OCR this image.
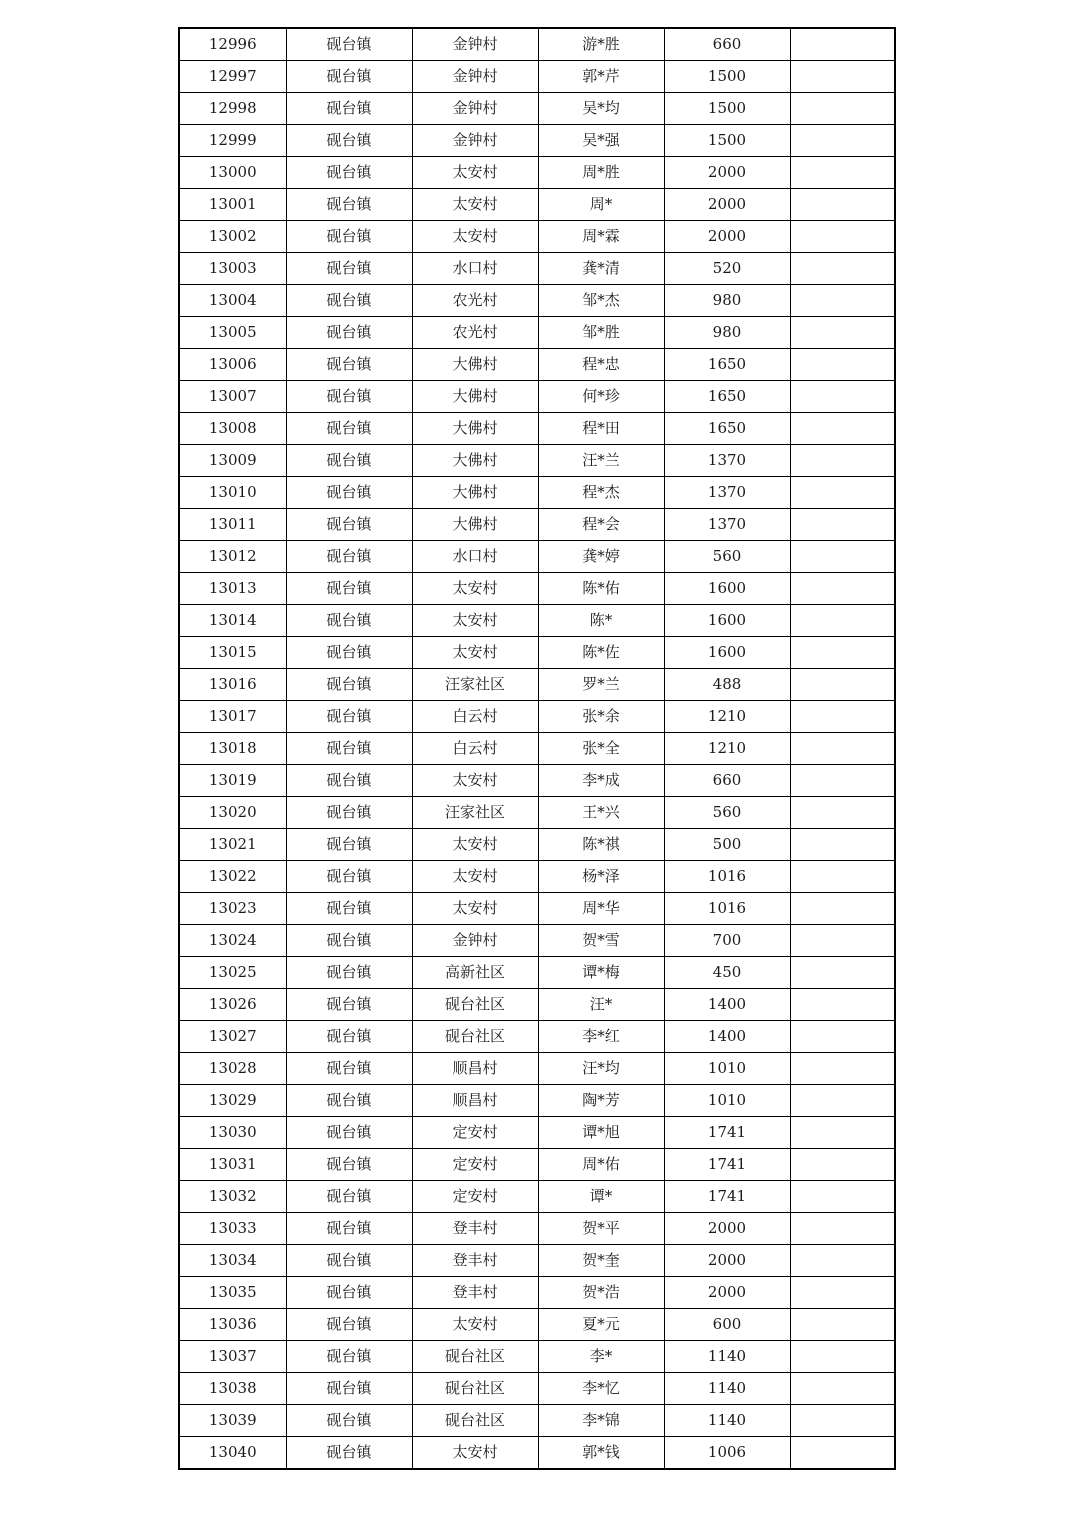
12996	砚台镇	金钟村	游*胜	660	
12997	砚台镇	金钟村	郭*芹	1500	
12998	砚台镇	金钟村	吴*均	1500	
12999	砚台镇	金钟村	吴*强	1500	
13000	砚台镇	太安村	周*胜	2000	
13001	砚台镇	太安村	周*	2000	
13002	砚台镇	太安村	周*霖	2000	
13003	砚台镇	水口村	龚*清	520	
13004	砚台镇	农光村	邹*杰	980	
13005	砚台镇	农光村	邹*胜	980	
13006	砚台镇	大佛村	程*忠	1650	
13007	砚台镇	大佛村	何*珍	1650	
13008	砚台镇	大佛村	程*田	1650	
13009	砚台镇	大佛村	汪*兰	1370	
13010	砚台镇	大佛村	程*杰	1370	
13011	砚台镇	大佛村	程*会	1370	
13012	砚台镇	水口村	龚*婷	560	
13013	砚台镇	太安村	陈*佑	1600	
13014	砚台镇	太安村	陈*	1600	
13015	砚台镇	太安村	陈*佐	1600	
13016	砚台镇	汪家社区	罗*兰	488	
13017	砚台镇	白云村	张*余	1210	
13018	砚台镇	白云村	张*全	1210	
13019	砚台镇	太安村	李*成	660	
13020	砚台镇	汪家社区	王*兴	560	
13021	砚台镇	太安村	陈*祺	500	
13022	砚台镇	太安村	杨*泽	1016	
13023	砚台镇	太安村	周*华	1016	
13024	砚台镇	金钟村	贺*雪	700	
13025	砚台镇	高新社区	谭*梅	450	
13026	砚台镇	砚台社区	汪*	1400	
13027	砚台镇	砚台社区	李*红	1400	
13028	砚台镇	顺昌村	汪*均	1010	
13029	砚台镇	顺昌村	陶*芳	1010	
13030	砚台镇	定安村	谭*旭	1741	
13031	砚台镇	定安村	周*佑	1741	
13032	砚台镇	定安村	谭*	1741	
13033	砚台镇	登丰村	贺*平	2000	
13034	砚台镇	登丰村	贺*奎	2000	
13035	砚台镇	登丰村	贺*浩	2000	
13036	砚台镇	太安村	夏*元	600	
13037	砚台镇	砚台社区	李*	1140	
13038	砚台镇	砚台社区	李*忆	1140	
13039	砚台镇	砚台社区	李*锦	1140	
13040	砚台镇	太安村	郭*钱	1006	
